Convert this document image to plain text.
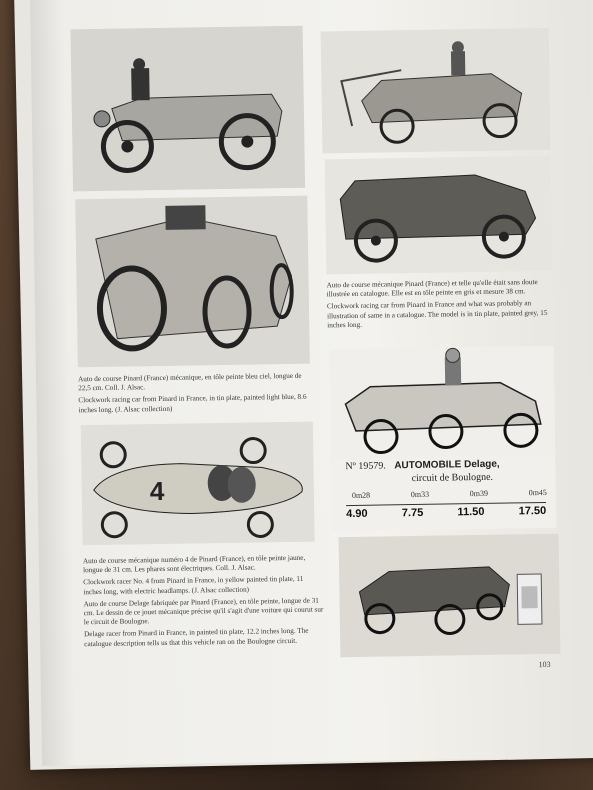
Auto de course mécanique Pinard (France) et telle qu'elle était sans doute illustrée en catalogue. Elle est en tôle peinte en gris et mesure 38 cm.

Clockwork racing car from Pinard in France and what was probably an illustration of same in a catalogue. The model is in tin plate, painted grey, 15 inches long.

Auto de course Pinard (France) mécanique, en tôle peinte bleu ciel, longue de 22,5 cm. Coll. J. Alsac.

Clockwork racing car from Pinard in France, in tin plate, painted light blue, 8.6 inches long. (J. Alsac collection)

Nº 19579. AUTOMOBILE Delage,
circuit de Boulogne.
0m28	0m33	0m39	0m45
4.90	7.75	11.50	17.50
4

Auto de course mécanique numéro 4 de Pinard (France), en tôle peinte jaune, longue de 31 cm. Les phares sont électriques. Coll. J. Alsac.

Clockwork racer No. 4 from Pinard in France, in yellow painted tin plate, 11 inches long, with electric headlamps. (J. Alsac collection)

Auto de course Delage fabriquée par Pinard (France), en tôle peinte, longue de 31 cm. Le dessin de ce jouet mécanique précise qu'il s'agit d'une voiture qui courut sur le circuit de Boulogne.

Delage racer from Pinard in France, in painted tin plate, 12.2 inches long. The catalogue description tells us that this vehicle ran on the Boulogne circuit.

103
